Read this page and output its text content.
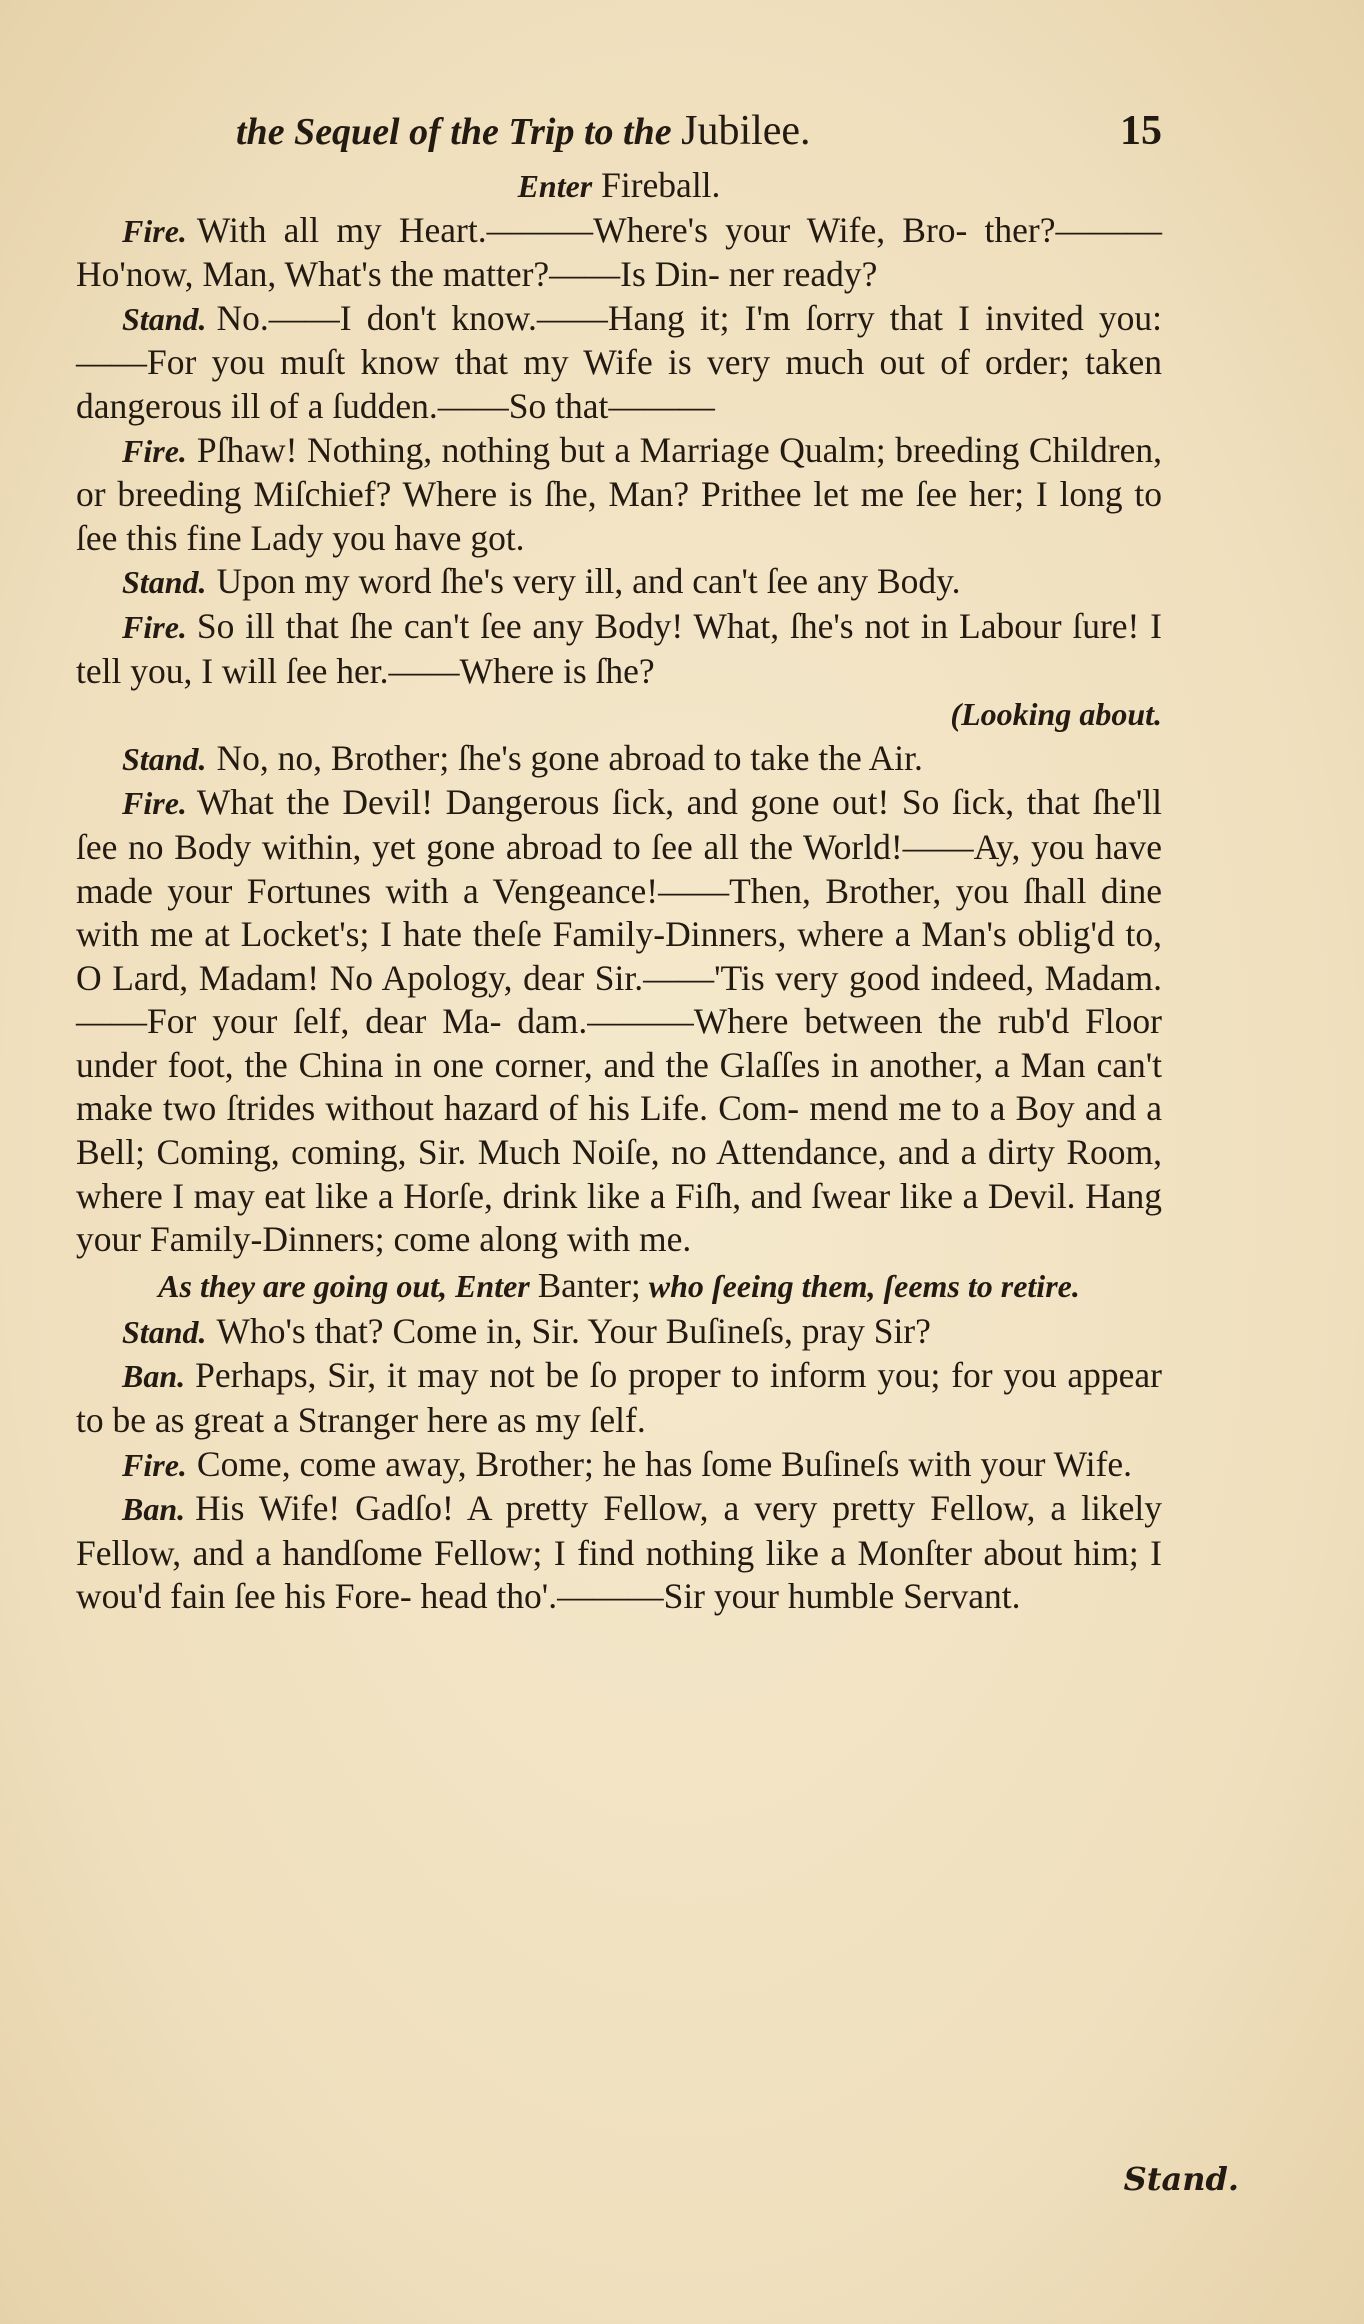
the Sequel of the Trip to the Jubilee.	15
Enter Fireball.

Fire. With all my Heart.———Where's your Wife, Bro- ther?———Ho'now, Man, What's the matter?——Is Din- ner ready?

Stand. No.——I don't know.——Hang it; I'm ſorry that I invited you:——For you muſt know that my Wife is very much out of order; taken dangerous ill of a ſudden.——So that———

Fire. Pſhaw! Nothing, nothing but a Marriage Qualm; breeding Children, or breeding Miſchief? Where is ſhe, Man? Prithee let me ſee her; I long to ſee this fine Lady you have got.

Stand. Upon my word ſhe's very ill, and can't ſee any Body.

Fire. So ill that ſhe can't ſee any Body! What, ſhe's not in Labour ſure! I tell you, I will ſee her.——Where is ſhe?

(Looking about.

Stand. No, no, Brother; ſhe's gone abroad to take the Air.

Fire. What the Devil! Dangerous ſick, and gone out! So ſick, that ſhe'll ſee no Body within, yet gone abroad to ſee all the World!——Ay, you have made your Fortunes with a Vengeance!——Then, Brother, you ſhall dine with me at Locket's; I hate theſe Family-Dinners, where a Man's oblig'd to, O Lard, Madam! No Apology, dear Sir.——'Tis very good indeed, Madam.——For your ſelf, dear Ma- dam.———Where between the rub'd Floor under foot, the China in one corner, and the Glaſſes in another, a Man can't make two ſtrides without hazard of his Life. Com- mend me to a Boy and a Bell; Coming, coming, Sir. Much Noiſe, no Attendance, and a dirty Room, where I may eat like a Horſe, drink like a Fiſh, and ſwear like a Devil. Hang your Family-Dinners; come along with me.

As they are going out, Enter Banter; who ſeeing them, ſeems to retire.

Stand. Who's that? Come in, Sir. Your Buſineſs, pray Sir?

Ban. Perhaps, Sir, it may not be ſo proper to inform you; for you appear to be as great a Stranger here as my ſelf.

Fire. Come, come away, Brother; he has ſome Buſineſs with your Wife.

Ban. His Wife! Gadſo! A pretty Fellow, a very pretty Fellow, a likely Fellow, and a handſome Fellow; I find nothing like a Monſter about him; I wou'd fain ſee his Fore- head tho'.———Sir your humble Servant.

Stand.
